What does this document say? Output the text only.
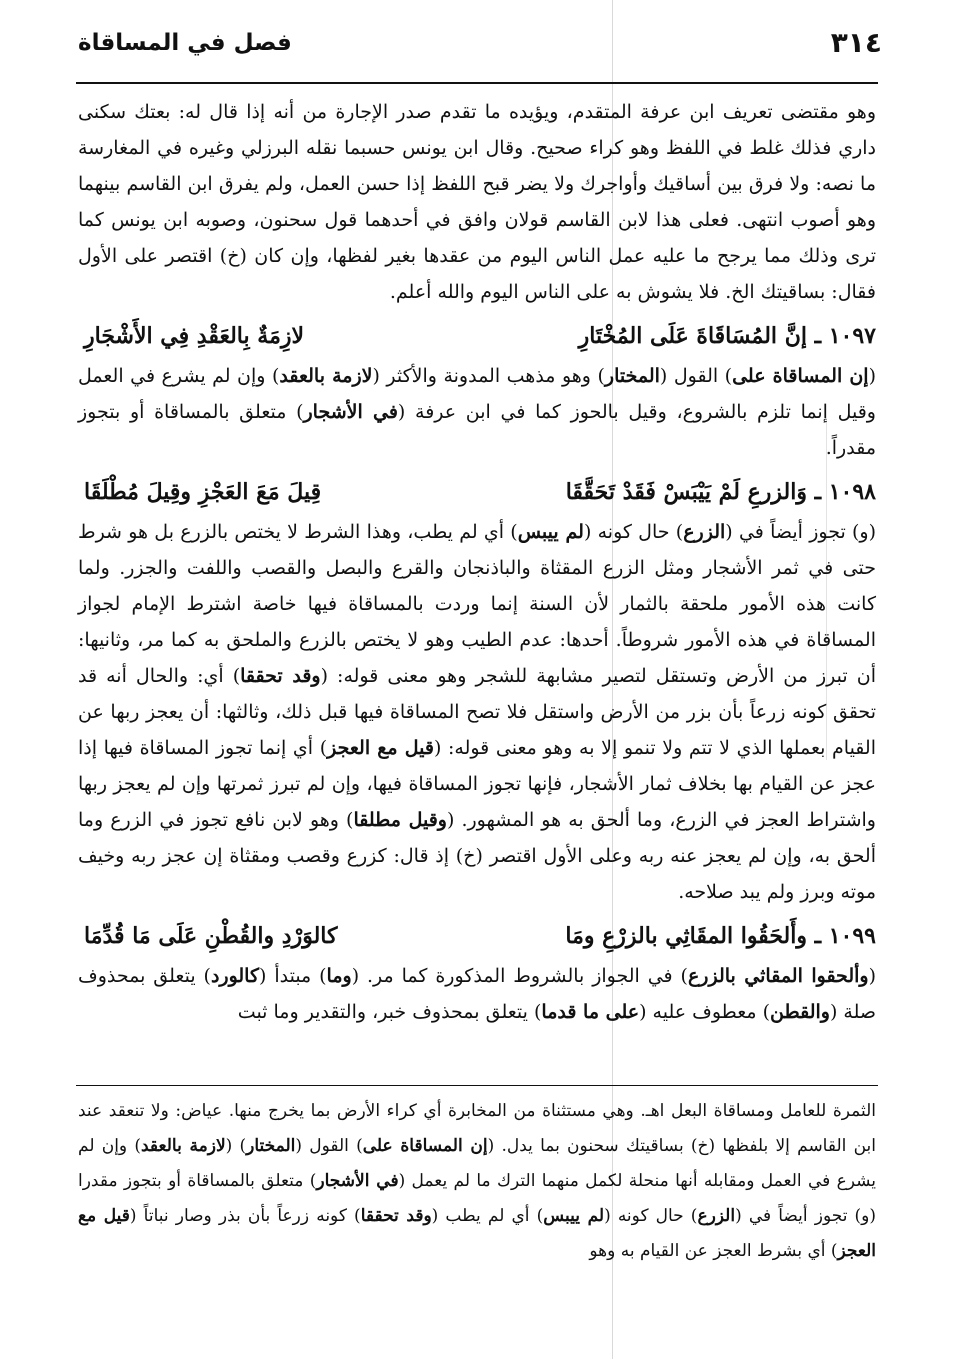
٣١٤
فصل في المساقاة

وهو مقتضى تعريف ابن عرفة المتقدم، ويؤيده ما تقدم صدر الإجارة من أنه إذا قال له: بعتك سكنى داري فذلك غلط في اللفظ وهو كراء صحيح. وقال ابن يونس حسبما نقله البرزلي وغيره في المغارسة ما نصه: ولا فرق بين أساقيك وأواجرك ولا يضر قبح اللفظ إذا حسن العمل، ولم يفرق ابن القاسم بينهما وهو أصوب انتهى. فعلى هذا لابن القاسم قولان وافق في أحدهما قول سحنون، وصوبه ابن يونس كما ترى وذلك مما يرجح ما عليه عمل الناس اليوم من عقدها بغير لفظها، وإن كان (خ) اقتصر على الأول فقال: بساقيتك الخ. فلا يشوش به على الناس اليوم والله أعلم.

١٠٩٧ ـ إنَّ المُسَاقَاةَ عَلَى المُخْتَارِ
لازِمَةٌ بِالعَقْدِ فِي الأَشْجَارِ

(إن المساقاة على) القول (المختار) وهو مذهب المدونة والأكثر (لازمة بالعقد) وإن لم يشرع في العمل وقيل إنما تلزم بالشروع، وقيل بالحوز كما في ابن عرفة (في الأشجار) متعلق بالمساقاة أو بتجوز مقدراً.

١٠٩٨ ـ وَالزرعِ لَمْ يَيْبَسْ فَقَدْ تَحَقَّقَا
قِيلَ مَعَ العَجْزِ وقِيلَ مُطْلَقَا

(و) تجوز أيضاً في (الزرع) حال كونه (لم ييبس) أي لم يطب، وهذا الشرط لا يختص بالزرع بل هو شرط حتى في ثمر الأشجار ومثل الزرع المقثاة والباذنجان والقرع والبصل والقصب واللفت والجزر. ولما كانت هذه الأمور ملحقة بالثمار لأن السنة إنما وردت بالمساقاة فيها خاصة اشترط الإمام لجواز المساقاة في هذه الأمور شروطاً. أحدها: عدم الطيب وهو لا يختص بالزرع والملحق به كما مر، وثانيها: أن تبرز من الأرض وتستقل لتصير مشابهة للشجر وهو معنى قوله: (وقد تحققا) أي: والحال أنه قد تحقق كونه زرعاً بأن بزر من الأرض واستقل فلا تصح المساقاة فيها قبل ذلك، وثالثها: أن يعجز ربها عن القيام بعملها الذي لا تتم ولا تنمو إلا به وهو معنى قوله: (قيل مع العجز) أي إنما تجوز المساقاة فيها إذا عجز عن القيام بها بخلاف ثمار الأشجار، فإنها تجوز المساقاة فيها، وإن لم تبرز ثمرتها وإن لم يعجز ربها واشتراط العجز في الزرع، وما ألحق به هو المشهور. (وقيل مطلقا) وهو لابن نافع تجوز في الزرع وما ألحق به، وإن لم يعجز عنه ربه وعلى الأول اقتصر (خ) إذ قال: كزرع وقصب ومقثاة إن عجز ربه وخيف موته وبرز ولم يبد صلاحه.

١٠٩٩ ـ وأَلحَقُوا المقَاثِي بالزرْعِ ومَا
كالوَرْدِ والقُطْنِ عَلَى مَا قُدِّمَا

(وألحقوا المقاثي بالزرع) في الجواز بالشروط المذكورة كما مر. (وما) مبتدأ (كالورد) يتعلق بمحذوف صلة (والقطن) معطوف عليه (على ما قدما) يتعلق بمحذوف خبر، والتقدير وما ثبت

الثمرة للعامل ومساقاة البعل اهـ. وهي مستثناة من المخابرة أي كراء الأرض بما يخرج منها. عياض: ولا تنعقد عند ابن القاسم إلا بلفظها (خ) بساقيتك سحنون بما يدل. (إن المساقاة على) القول (المختار) (لازمة بالعقد) وإن لم يشرع في العمل ومقابله أنها منحلة لكمل منهما الترك ما لم يعمل (في الأشجار) متعلق بالمساقاة أو بتجوز مقدرا (و) تجوز أيضاً في (الزرع) حال كونه (لم ييبس) أي لم يطب (وقد تحققا) كونه زرعاً بأن بذر وصار نباتاً (قيل مع العجز) أي بشرط العجز عن القيام به وهو
